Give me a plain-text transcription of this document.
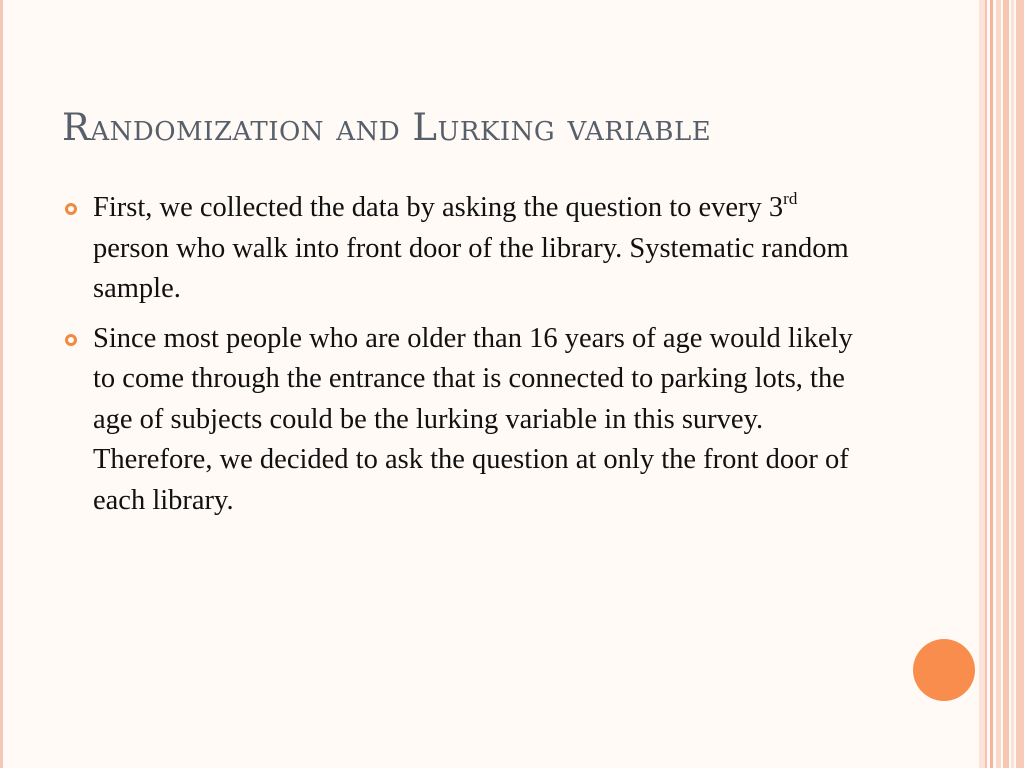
Randomization and Lurking variable
First, we collected the data by asking the question to every 3rd person who walk into front door of the library. Systematic random sample.
Since most people who are older than 16 years of age would likely to come through the entrance that is connected to parking lots, the age of subjects could be the lurking variable in this survey. Therefore, we decided to ask the question at only the front door of each library.
